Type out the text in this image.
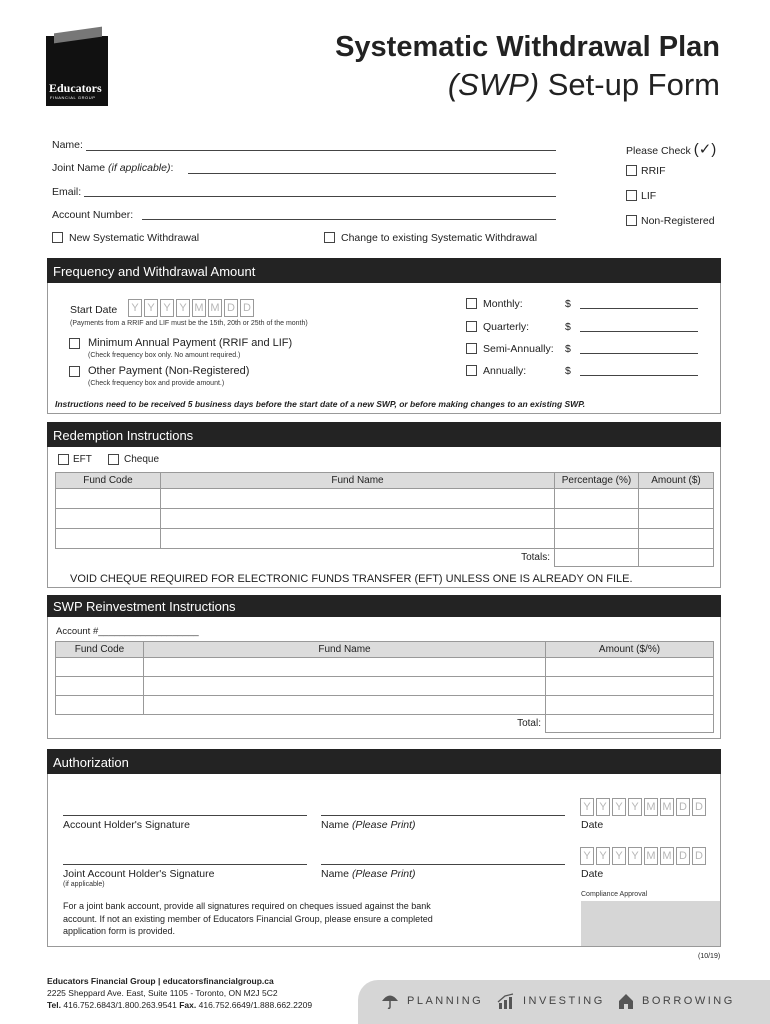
Educators
FINANCIAL GROUP
Systematic Withdrawal Plan
(SWP) Set-up Form
Name:
Joint Name (if applicable):
Email:
Account Number:
New Systematic Withdrawal	Change to existing Systematic Withdrawal
Please Check (✓)
RRIF
LIF
Non-Registered
Frequency and Withdrawal Amount
Start Date	Y Y Y Y M M D D
(Payments from a RRIF and LIF must be the 15th, 20th or 25th of the month)
Minimum Annual Payment (RRIF and LIF)
(Check frequency box only. No amount required.)
Other Payment (Non-Registered)
(Check frequency box and provide amount.)
Monthly:	$
Quarterly:	$
Semi-Annually: $
Annually:	$
Instructions need to be received 5 business days before the start date of a new SWP, or before making changes to an existing SWP.
Redemption Instructions
EFT	Cheque
Fund Code	Fund Name	Percentage (%)	Amount ($)

	Totals:		
VOID CHEQUE REQUIRED FOR ELECTRONIC FUNDS TRANSFER (EFT) UNLESS ONE IS ALREADY ON FILE.
SWP Reinvestment Instructions
Account #___________________
Fund Code	Fund Name	Amount ($/%)

	Total:	
Authorization
Account Holder's Signature	Name (Please Print)
Y Y Y Y M M D D
Date
Joint Account Holder's Signature
(if applicable)
Name (Please Print)
Y Y Y Y M M D D
Date
Compliance Approval
For a joint bank account, provide all signatures required on cheques issued against the bank account. If not an existing member of Educators Financial Group, please ensure a completed application form is provided.
(10/19)
Educators Financial Group | educatorsfinancialgroup.ca
2225 Sheppard Ave. East, Suite 1105 - Toronto, ON M2J 5C2
Tel. 416.752.6843/1.800.263.9541 Fax. 416.752.6649/1.888.662.2209	PLANNING	INVESTING	BORROWING
